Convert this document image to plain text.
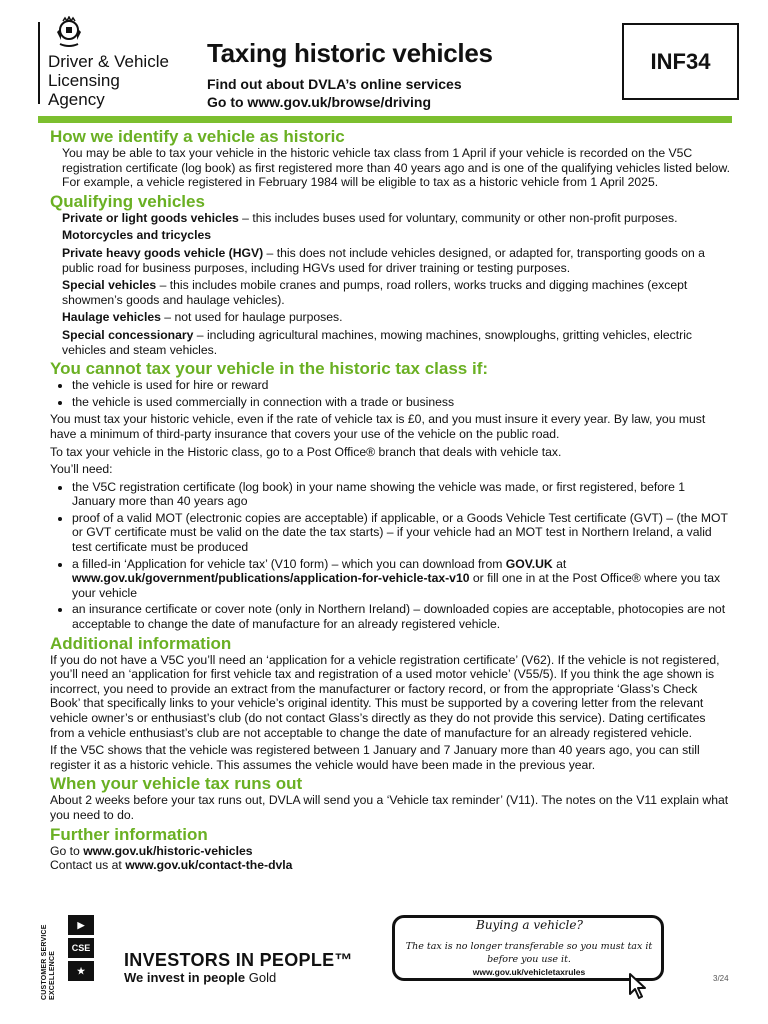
Driver & Vehicle
Licensing
Agency
Taxing historic vehicles
Find out about DVLA’s online services
Go to www.gov.uk/browse/driving
INF34
How we identify a vehicle as historic

You may be able to tax your vehicle in the historic vehicle tax class from 1 April if your vehicle is recorded on the V5C registration certificate (log book) as first registered more than 40 years ago and is one of the qualifying vehicles listed below. For example, a vehicle registered in February 1984 will be eligible to tax as a historic vehicle from 1 April 2025.

Qualifying vehicles

Private or light goods vehicles – this includes buses used for voluntary, community or other non-profit purposes.

Motorcycles and tricycles

Private heavy goods vehicle (HGV) – this does not include vehicles designed, or adapted for, transporting goods on a public road for business purposes, including HGVs used for driver training or testing purposes.

Special vehicles – this includes mobile cranes and pumps, road rollers, works trucks and digging machines (except showmen’s goods and haulage vehicles).

Haulage vehicles – not used for haulage purposes.

Special concessionary – including agricultural machines, mowing machines, snowploughs, gritting vehicles, electric vehicles and steam vehicles.

You cannot tax your vehicle in the historic tax class if:
• the vehicle is used for hire or reward
• the vehicle is used commercially in connection with a trade or business

You must tax your historic vehicle, even if the rate of vehicle tax is £0, and you must insure it every year. By law, you must have a minimum of third-party insurance that covers your use of the vehicle on the public road.

To tax your vehicle in the Historic class, go to a Post Office® branch that deals with vehicle tax.

You’ll need:

• the V5C registration certificate (log book) in your name showing the vehicle was made, or first registered, before 1 January more than 40 years ago
• proof of a valid MOT (electronic copies are acceptable) if applicable, or a Goods Vehicle Test certificate (GVT) – (the MOT or GVT certificate must be valid on the date the tax starts) – if your vehicle had an MOT test in Northern Ireland, a valid test certificate must be produced
• a filled-in ‘Application for vehicle tax’ (V10 form) – which you can download from GOV.UK at www.gov.uk/government/publications/application-for-vehicle-tax-v10 or fill one in at the Post Office® where you tax your vehicle
• an insurance certificate or cover note (only in Northern Ireland) – downloaded copies are acceptable, photocopies are not acceptable to change the date of manufacture for an already registered vehicle.
Additional information

If you do not have a V5C you’ll need an ‘application for a vehicle registration certificate’ (V62). If the vehicle is not registered, you’ll need an ‘application for first vehicle tax and registration of a used motor vehicle’ (V55/5). If you think the age shown is incorrect, you need to provide an extract from the manufacturer or factory record, or from the appropriate ‘Glass’s Check Book’ that specifically links to your vehicle’s original identity. This must be supported by a covering letter from the relevant vehicle owner’s or enthusiast’s club (do not contact Glass’s directly as they do not provide this service). Dating certificates from a vehicle enthusiast’s club are not acceptable to change the date of manufacture for an already registered vehicle.

If the V5C shows that the vehicle was registered between 1 January and 7 January more than 40 years ago, you can still register it as a historic vehicle. This assumes the vehicle would have been made in the previous year.

When your vehicle tax runs out

About 2 weeks before your tax runs out, DVLA will send you a ‘Vehicle tax reminder’ (V11). The notes on the V11 explain what you need to do.

Further information

Go to www.gov.uk/historic-vehicles

Contact us at www.gov.uk/contact-the-dvla

CUSTOMER SERVICE EXCELLENCE
▶
CSE
★
INVESTORS IN PEOPLE™
We invest in people Gold
Buying a vehicle?
The tax is no longer transferable so you must tax it before you use it.
www.gov.uk/vehicletaxrules
3/24
